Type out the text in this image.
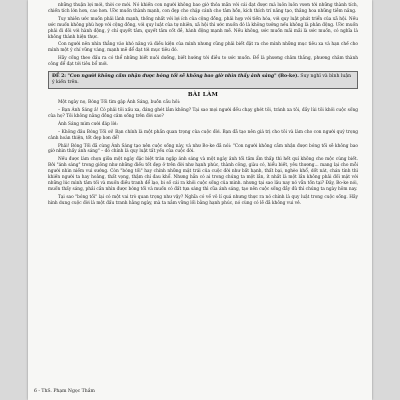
những thuận lợi mới, thời cơ mới. Nó khiến con người không bao giờ thỏa mãn với cái đạt được mà luôn luôn vươn tới những thành tích, chiến tích lớn hơn, cao hơn. Ước muốn thành mạnh, con đẹp cho chặp cánh cho tâm hồn, kích thích trí năng tạo, thăng hoa những tiềm năng.

Tuy nhiên ước muốn phải lành mạnh, thống nhất với lợi ích của cộng đồng, phải hợp với tiến hóa, với quy luật phát triển của xã hội. Nếu ước muốn không phù hợp với cộng đồng, với quy luật của tự nhiên, xã hội thì ước muốn đó là không tưởng nếu không là phản động. Ước muốn phải đi đôi với hành động, ý chí quyết tâm, quyết tâm cốt đề, hành động mạnh mẽ. Nếu không, ước muốn mãi mãi là ước muốn, có nghĩa là không thành hiện thực.

Con người nên nhìn thẳng vào khó năng và điều kiện của mình nhưng cũng phải biết đặt ra cho mình những mục tiêu xa và hạn chế cho mình một ý chí vững vàng, mạnh mẽ để đạt tới mục tiêu đó.

Hãy cống theo đấu ra có thể những biết nuôi dưỡng, biết hướng tới điều to ước muốn. Để là phương châm thắng, phương châm thành công để đạt tới tiêu bổ mới.

ĐỀ 2: "Con người không cầm nhận được bóng tối sẽ không bao giờ nhìn thấy ánh sáng" (Bo-ke). Suy nghĩ và bình luận ý kiến trên.
BÀI LÀM

Một ngày nọ, Bóng Tối tìm gặp Ánh Sáng, buồn cầu hỏi:

– Bạn Ánh Sáng ả! Có phải tôi xấu xa, đáng ghét lắm không? Tại sao mọi người đều chạy ghét tôi, tránh xa tôi, đầy lùi tôi khỏi cuộc sống của họ? Tôi không nằng đồng cảm sống trên đời sao?

Ánh Sáng mìm cười đáp lời:

– Không đâu Bóng Tối ơi! Bạn chính là một phần quan trọng của cuộc đời. Bạn đã tạo nên giá trị cho tôi và làm cho con người quý trọng cảnh hoàn thiện, tốt đẹp hơn để!

Phải! Bóng Tối đã cùng Ánh Sáng tạo nên cuộc sống này, và như Bo-ke đã nói: "Con người không cầm nhận được bóng tối sẽ không bao giờ nhìn thấy ánh sáng" – đó chính là quy luật tất yếu của cuộc đời.

Nếu được làm chọn giữa một ngày đặc biệt tràn ngập ánh sáng và một ngày ảnh tối tăm ẩm thấp thì hết quí không cho mộc cùng biết. Bởi "ánh sáng" trong giông như những điều tốt đẹp ở trên đời như hạnh phúc, thành công, giàu có, hiểu biết, yêu thương... mang lại cho mỗi người nhìn niềm vui sướng. Còn "bóng tối" hay chính những mặt trái của cuộc đời như bất hạnh, thất bại, nghèo khổ, dốt nát, chán tính thì khiến người ta hay hoảng, thất vọng, thậm chí đau khổ. Nhưng hẳn có ai trong chúng ta một lần, ít nhất là một lần không phải đối mặt với những lúc mình tăm tối và muốn điều tranh để lạo, bi số cái ra khỏi cuộc sống của mình. nhưng tại sao lâu nay nó vẫn tồn tại? Đây, Bo-ke nói, muốn thấy sáng, phải cần nhìn được bóng tối và muốn có đất tựa sáng thì cũa ánh sáng, tạo nên cuộc sống đầy đủ thì chúng ta ngày hôm nay.

Tại sao "bóng tối" lại có một vai trò quan trọng như vậy? Nghĩa có về vô lí quá nhưng thực ra nó chính là quy luật trong cuộc sống. Hãy hình dung cuộc đời là một đấu tranh hằng ngày, mà ta nắm vững lối bằng hạnh phúc, nó cùng có lẽ đã không vui vẻ.

6 - ThS. Phạm Ngọc Thắm
